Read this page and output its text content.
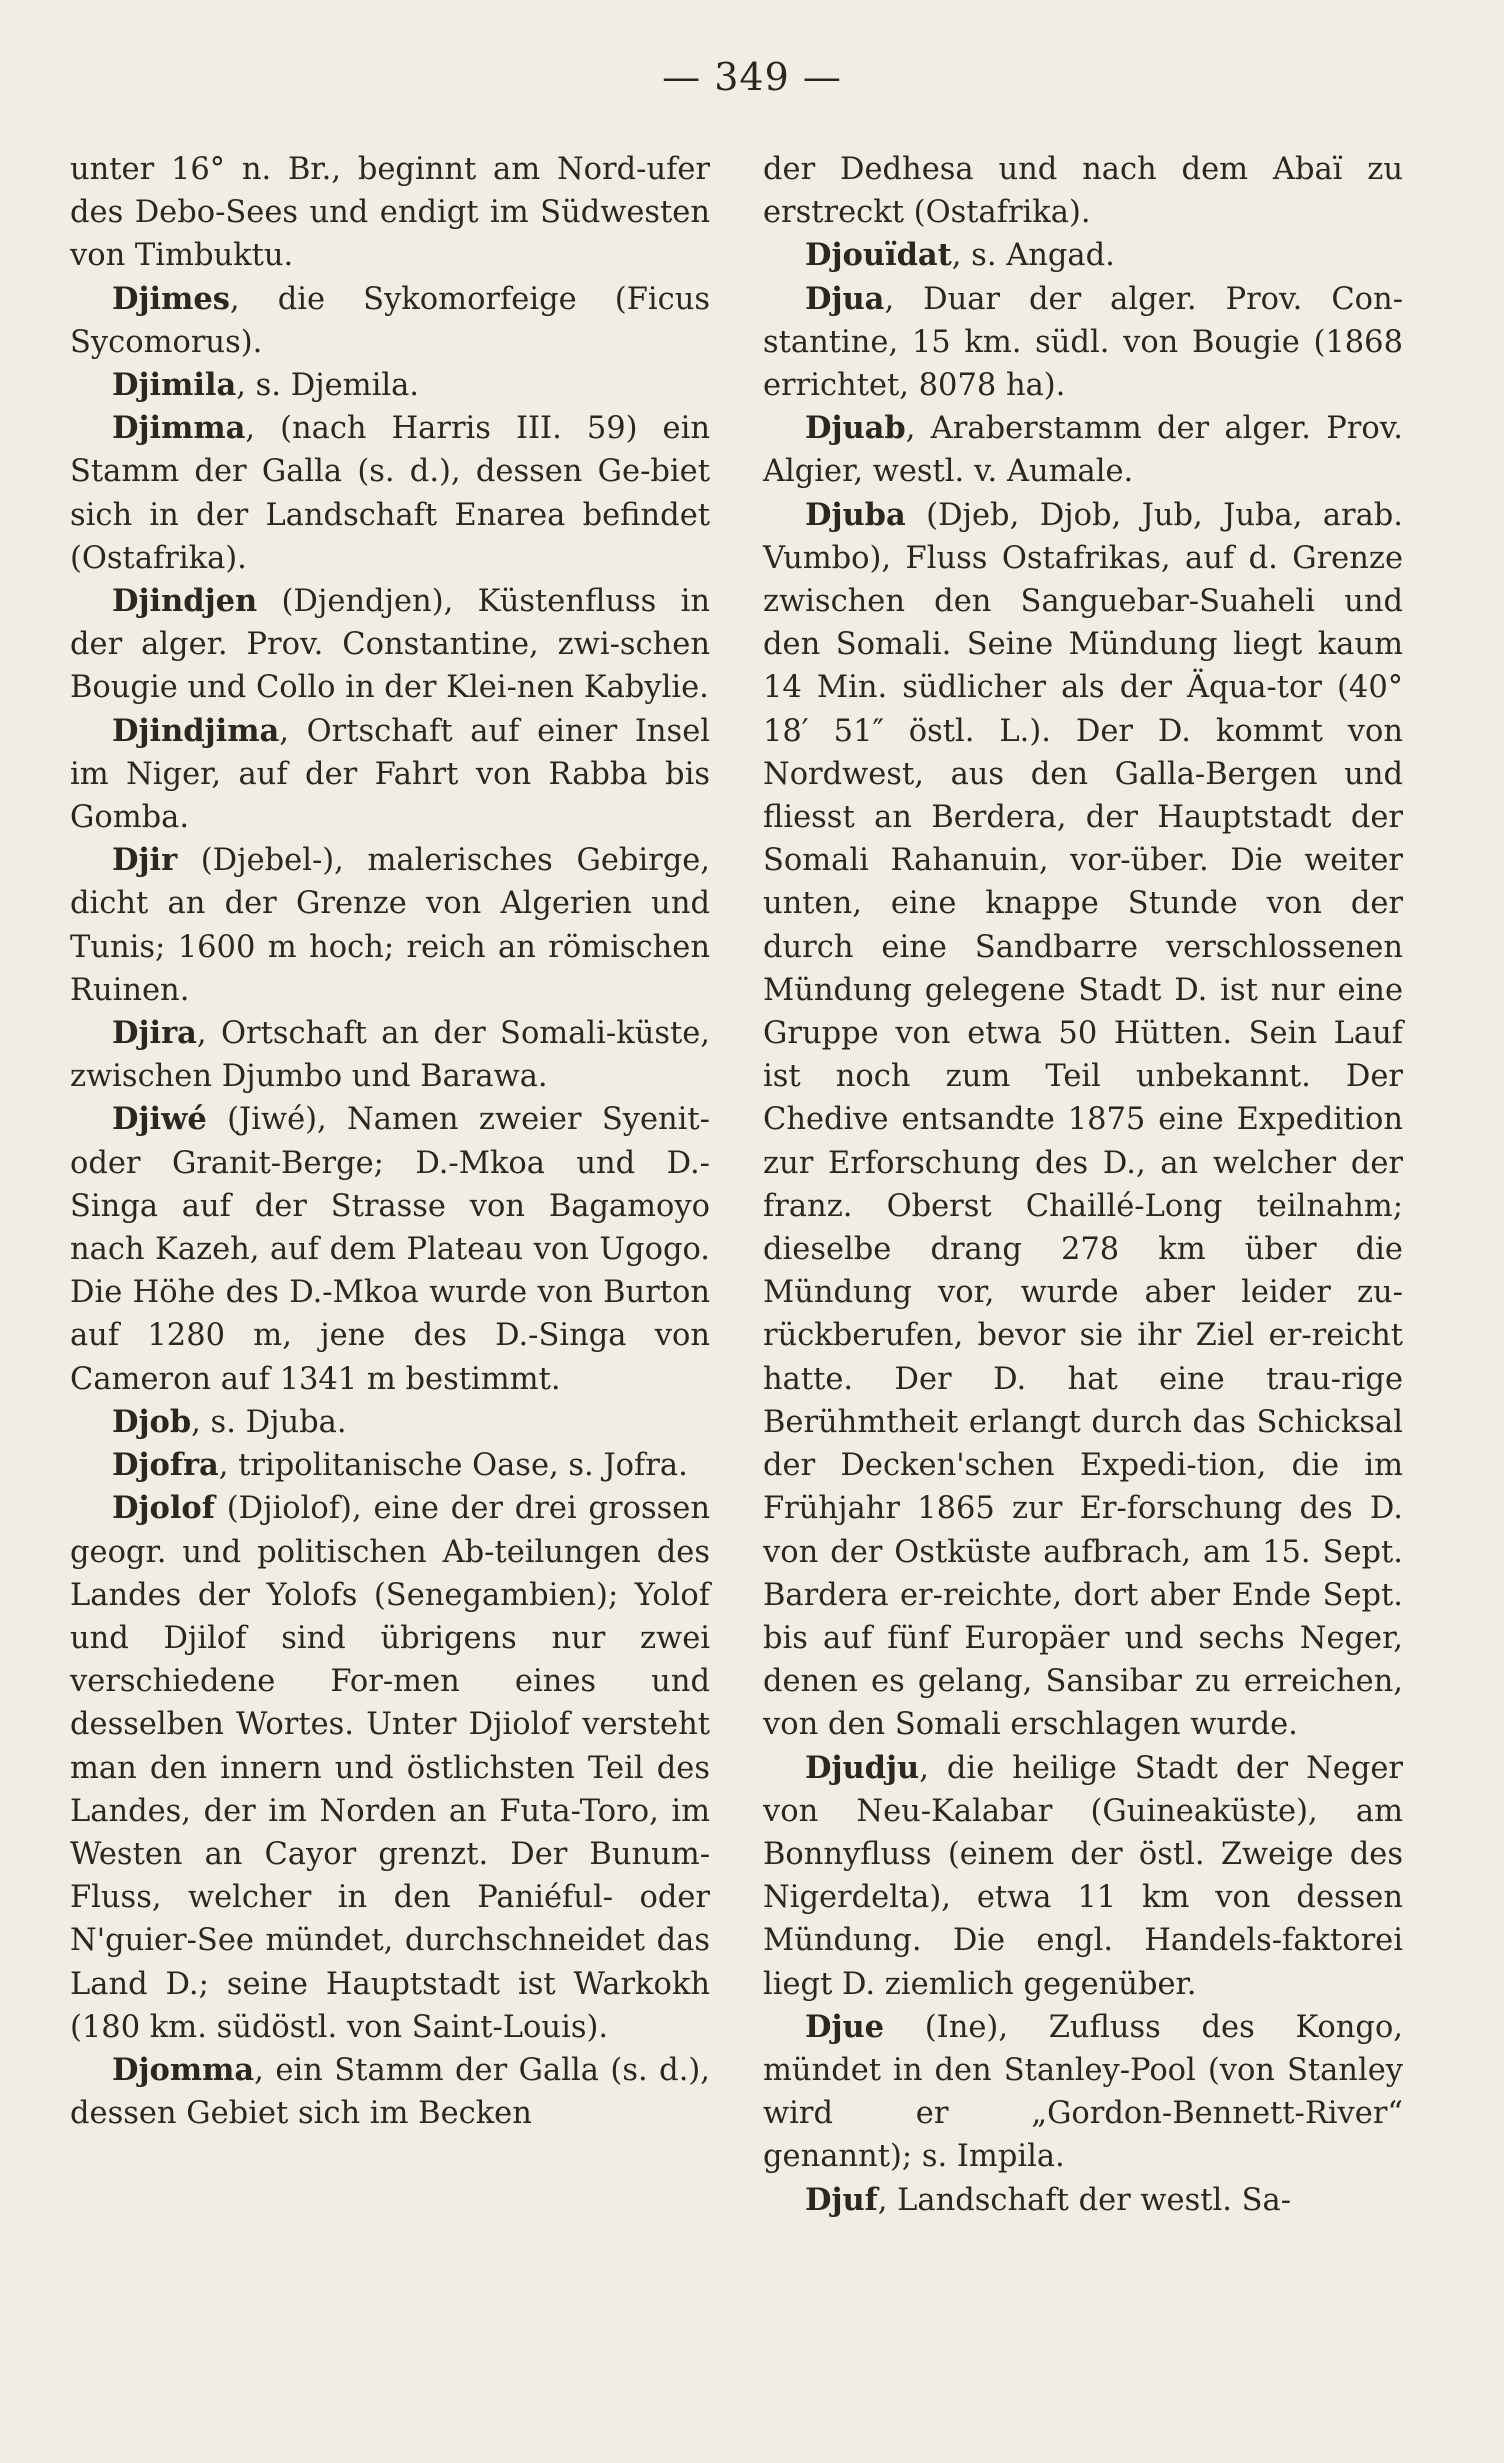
— 349 —

unter 16° n. Br., beginnt am Nord-ufer des Debo-Sees und endigt im Südwesten von Timbuktu.

Djimes, die Sykomorfeige (Ficus Sycomorus).

Djimila, s. Djemila.

Djimma, (nach Harris III. 59) ein Stamm der Galla (s. d.), dessen Ge-biet sich in der Landschaft Enarea befindet (Ostafrika).

Djindjen (Djendjen), Küstenfluss in der alger. Prov. Constantine, zwi-schen Bougie und Collo in der Klei-nen Kabylie.

Djindjima, Ortschaft auf einer Insel im Niger, auf der Fahrt von Rabba bis Gomba.

Djir (Djebel-), malerisches Gebirge, dicht an der Grenze von Algerien und Tunis; 1600 m hoch; reich an römischen Ruinen.

Djira, Ortschaft an der Somali-küste, zwischen Djumbo und Barawa.

Djiwé (Jiwé), Namen zweier Syenit- oder Granit-Berge; D.-Mkoa und D.-Singa auf der Strasse von Bagamoyo nach Kazeh, auf dem Plateau von Ugogo. Die Höhe des D.-Mkoa wurde von Burton auf 1280 m, jene des D.-Singa von Cameron auf 1341 m bestimmt.

Djob, s. Djuba.

Djofra, tripolitanische Oase, s. Jofra.

Djolof (Djiolof), eine der drei grossen geogr. und politischen Ab-teilungen des Landes der Yolofs (Senegambien); Yolof und Djilof sind übrigens nur zwei verschiedene For-men eines und desselben Wortes. Unter Djiolof versteht man den innern und östlichsten Teil des Landes, der im Norden an Futa-Toro, im Westen an Cayor grenzt. Der Bunum-Fluss, welcher in den Paniéful- oder N'guier-See mündet, durchschneidet das Land D.; seine Hauptstadt ist Warkokh (180 km. südöstl. von Saint-Louis).

Djomma, ein Stamm der Galla (s. d.), dessen Gebiet sich im Becken

der Dedhesa und nach dem Abaï zu erstreckt (Ostafrika).

Djouïdat, s. Angad.

Djua, Duar der alger. Prov. Con-stantine, 15 km. südl. von Bougie (1868 errichtet, 8078 ha).

Djuab, Araberstamm der alger. Prov. Algier, westl. v. Aumale.

Djuba (Djeb, Djob, Jub, Juba, arab. Vumbo), Fluss Ostafrikas, auf d. Grenze zwischen den Sanguebar-Suaheli und den Somali. Seine Mündung liegt kaum 14 Min. südlicher als der Äqua-tor (40° 18′ 51″ östl. L.). Der D. kommt von Nordwest, aus den Galla-Bergen und fliesst an Berdera, der Hauptstadt der Somali Rahanuin, vor-über. Die weiter unten, eine knappe Stunde von der durch eine Sandbarre verschlossenen Mündung gelegene Stadt D. ist nur eine Gruppe von etwa 50 Hütten. Sein Lauf ist noch zum Teil unbekannt. Der Chedive entsandte 1875 eine Expedition zur Erforschung des D., an welcher der franz. Oberst Chaillé-Long teilnahm; dieselbe drang 278 km über die Mündung vor, wurde aber leider zu-rückberufen, bevor sie ihr Ziel er-reicht hatte. Der D. hat eine trau-rige Berühmtheit erlangt durch das Schicksal der Decken'schen Expedi-tion, die im Frühjahr 1865 zur Er-forschung des D. von der Ostküste aufbrach, am 15. Sept. Bardera er-reichte, dort aber Ende Sept. bis auf fünf Europäer und sechs Neger, denen es gelang, Sansibar zu erreichen, von den Somali erschlagen wurde.

Djudju, die heilige Stadt der Neger von Neu-Kalabar (Guineaküste), am Bonnyfluss (einem der östl. Zweige des Nigerdelta), etwa 11 km von dessen Mündung. Die engl. Handels-faktorei liegt D. ziemlich gegenüber.

Djue (Ine), Zufluss des Kongo, mündet in den Stanley-Pool (von Stanley wird er „Gordon-Bennett-River“ genannt); s. Impila.

Djuf, Landschaft der westl. Sa-
